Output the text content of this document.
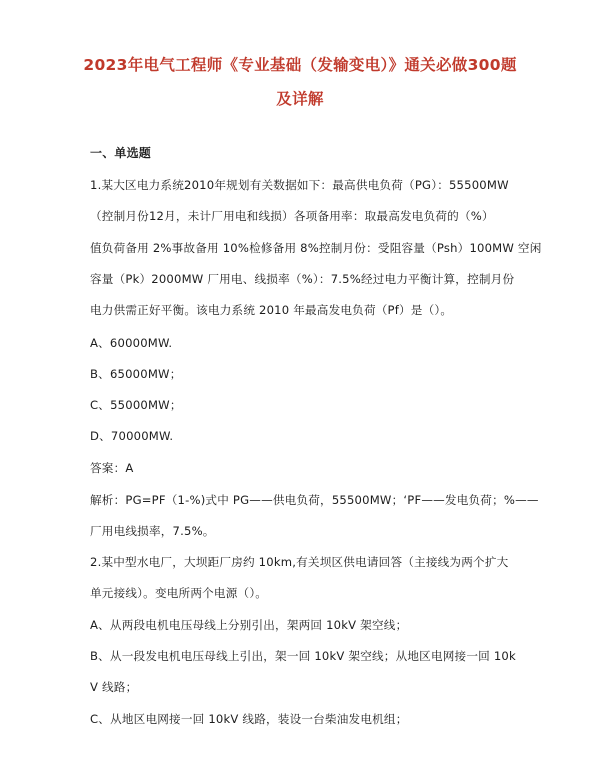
2023年电气工程师《专业基础（发输变电）》通关必做300题
及详解
一、单选题
1.某大区电力系统2010年规划有关数据如下：最高供电负荷（PG）：55500MW
（控制月份12月，未计厂用电和线损）各项备用率：取最高发电负荷的（%）
值负荷备用 2%事故备用 10%检修备用 8%控制月份：受阻容量（Psh）100MW 空闲
容量（Pk）2000MW 厂用电、线损率（%）：7.5%经过电力平衡计算，控制月份
电力供需正好平衡。该电力系统 2010 年最高发电负荷（Pf）是（）。
A、60000MW.
B、65000MW；
C、55000MW；
D、70000MW.
答案：A
解析：PG=PF（1-%)式中 PG——供电负荷，55500MW；‘PF——发电负荷；%——
厂用电线损率，7.5%。
2.某中型水电厂，大坝距厂房约 10km,有关坝区供电请回答（主接线为两个扩大
单元接线）。变电所两个电源（）。
A、从两段电机电压母线上分别引出，架两回 10kV 架空线；
B、从一段发电机电压母线上引出，架一回 10kV 架空线；从地区电网接一回 10k
V 线路；
C、从地区电网接一回 10kV 线路，装设一台柴油发电机组；
